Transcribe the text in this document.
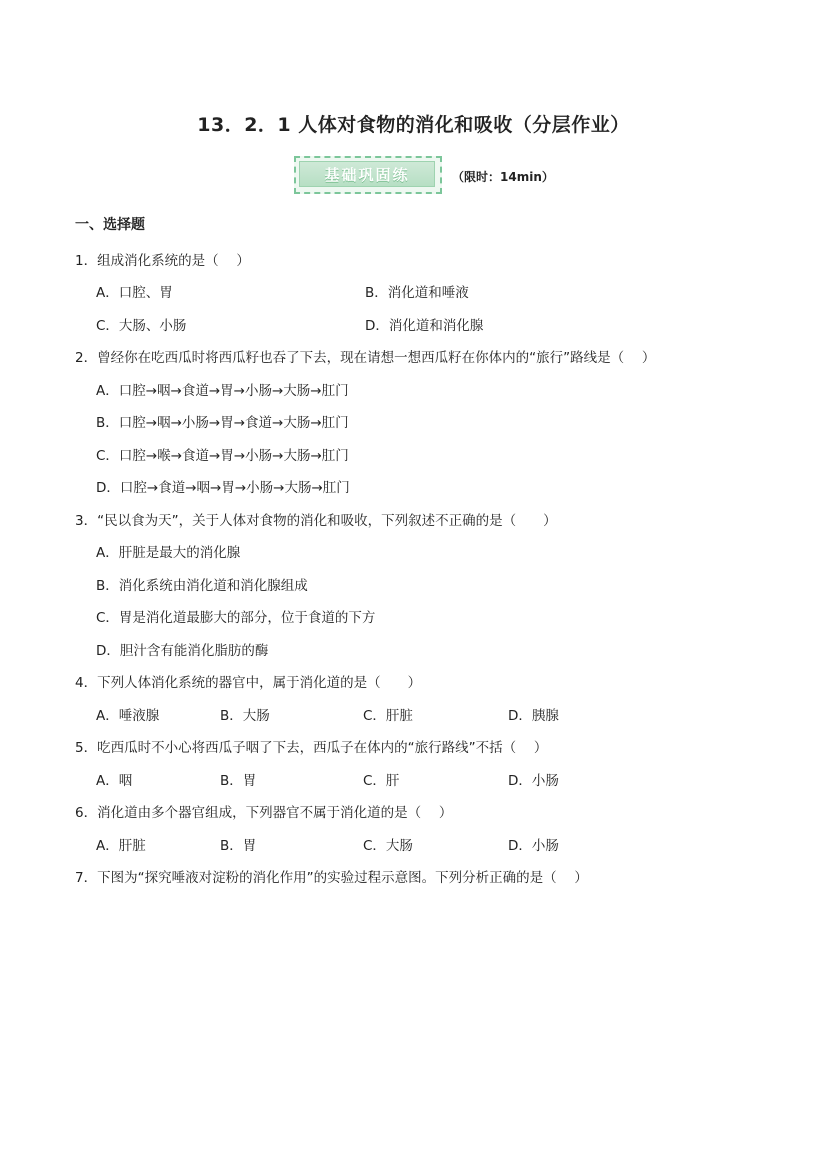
13．2．1 人体对食物的消化和吸收（分层作业）
基础巩固练	（限时：14min）
一、选择题
1．组成消化系统的是（　 ）
A．口腔、胃	B．消化道和唾液
C．大肠、小肠	D．消化道和消化腺
2．曾经你在吃西瓜时将西瓜籽也吞了下去，现在请想一想西瓜籽在你体内的“旅行”路线是（　 ）
A．口腔→咽→食道→胃→小肠→大肠→肛门
B．口腔→咽→小肠→胃→食道→大肠→肛门
C．口腔→喉→食道→胃→小肠→大肠→肛门
D．口腔→食道→咽→胃→小肠→大肠→肛门
3．“民以食为天”，关于人体对食物的消化和吸收，下列叙述不正确的是（　　）
A．肝脏是最大的消化腺
B．消化系统由消化道和消化腺组成
C．胃是消化道最膨大的部分，位于食道的下方
D．胆汁含有能消化脂肪的酶
4．下列人体消化系统的器官中，属于消化道的是（　　）
A．唾液腺	B．大肠	C．肝脏	D．胰腺
5．吃西瓜时不小心将西瓜子咽了下去，西瓜子在体内的“旅行路线”不括（　 ）
A．咽	B．胃	C．肝	D．小肠
6．消化道由多个器官组成，下列器官不属于消化道的是（　 ）
A．肝脏	B．胃	C．大肠	D．小肠
7．下图为“探究唾液对淀粉的消化作用”的实验过程示意图。下列分析正确的是（　 ）
